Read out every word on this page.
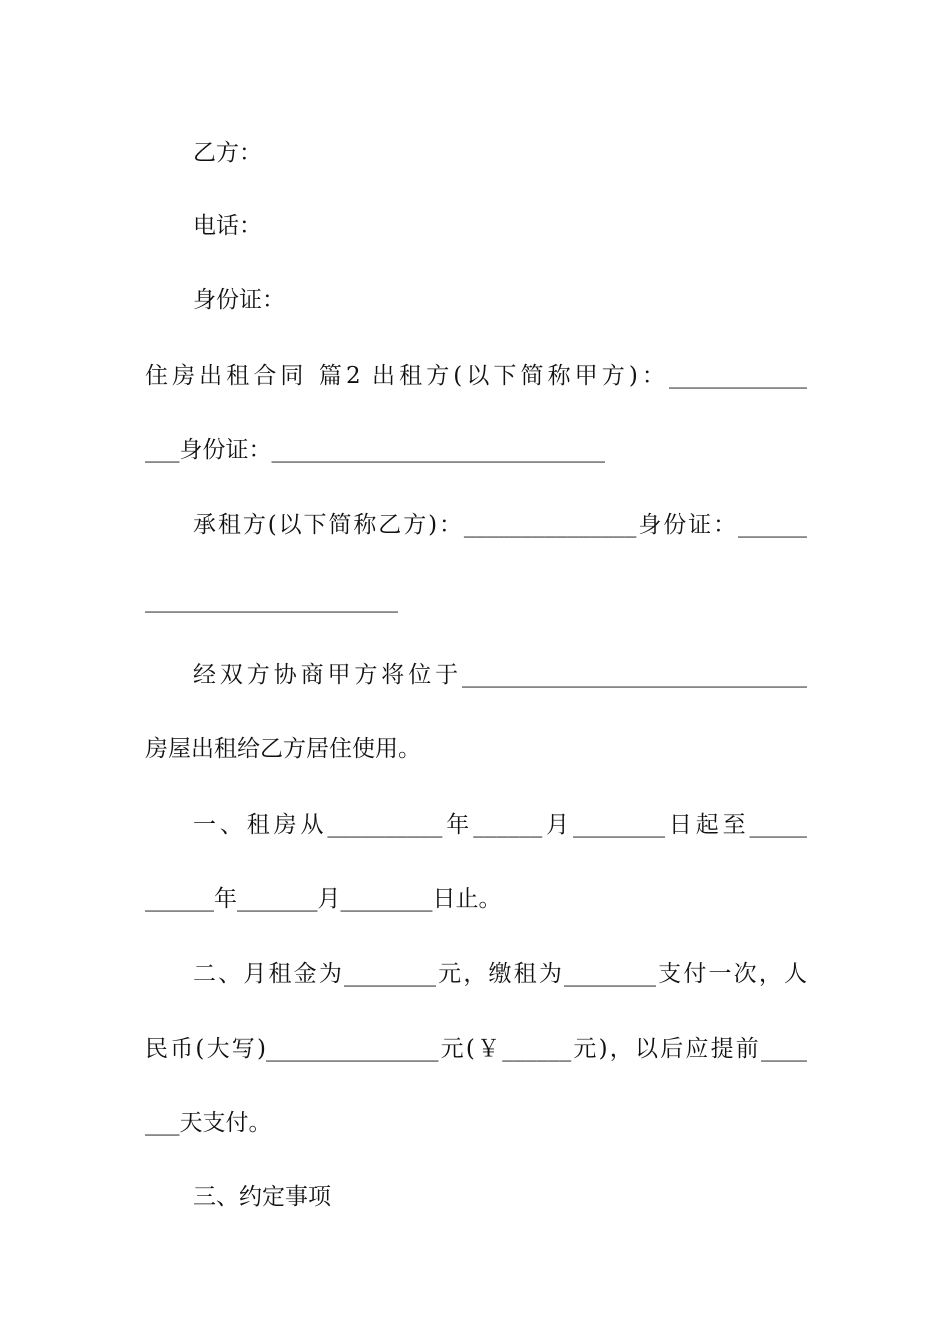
乙方：
电话：
身份证：
住房出租合同 篇2 出租方(以下简称甲方)：____________
___身份证：_____________________________
承租方(以下简称乙方)：_______________身份证：______
______________________
经双方协商甲方将位于______________________________
房屋出租给乙方居住使用。
一、租房从__________年______月________日起至_____
______年_______月________日止。
二、月租金为________元，缴租为________支付一次，人
民币(大写)_______________元(￥______元)，以后应提前____
___天支付。
三、约定事项
